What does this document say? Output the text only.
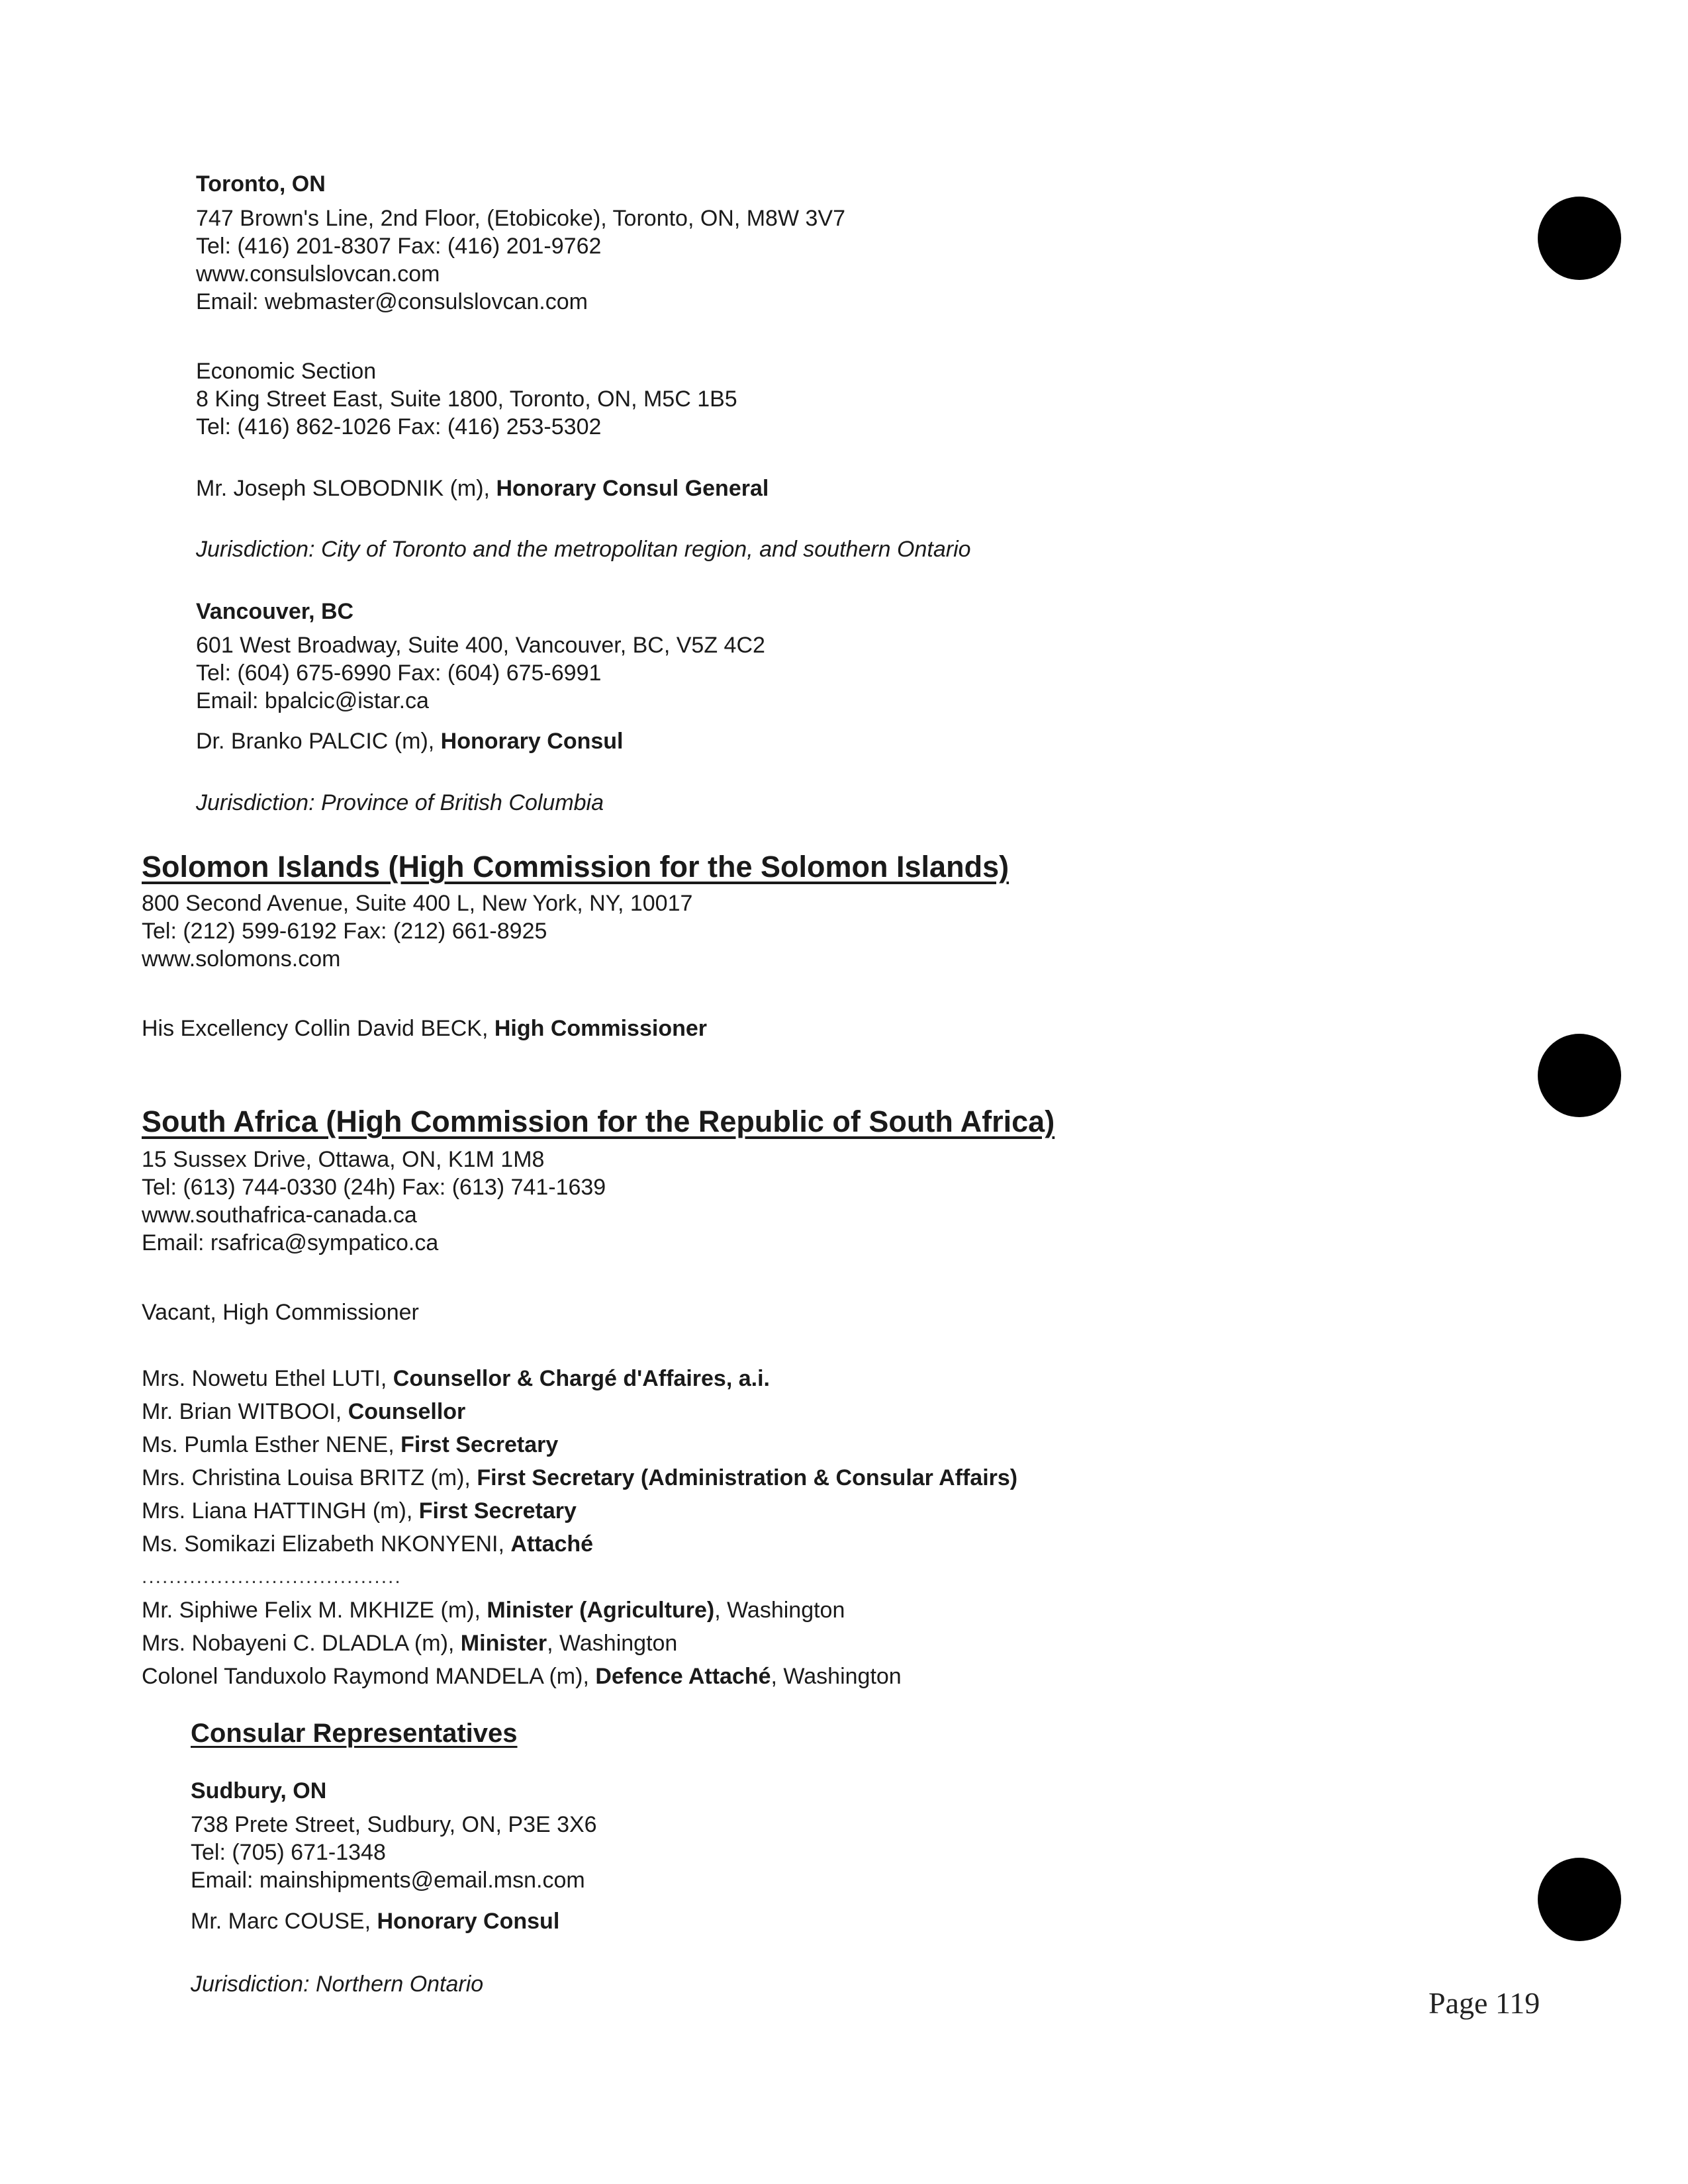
Toronto, ON
747 Brown's Line, 2nd Floor, (Etobicoke), Toronto, ON, M8W 3V7
Tel: (416) 201-8307 Fax: (416) 201-9762
www.consulslovcan.com
Email: webmaster@consulslovcan.com
Economic Section
8 King Street East, Suite 1800, Toronto, ON, M5C 1B5
Tel: (416) 862-1026 Fax: (416) 253-5302
Mr. Joseph SLOBODNIK (m), Honorary Consul General
Jurisdiction: City of Toronto and the metropolitan region, and southern Ontario
Vancouver, BC
601 West Broadway, Suite 400, Vancouver, BC, V5Z 4C2
Tel: (604) 675-6990 Fax: (604) 675-6991
Email: bpalcic@istar.ca
Dr. Branko PALCIC (m), Honorary Consul
Jurisdiction: Province of British Columbia
Solomon Islands (High Commission for the Solomon Islands)
800 Second Avenue, Suite 400 L, New York, NY, 10017
Tel: (212) 599-6192 Fax: (212) 661-8925
www.solomons.com
His Excellency Collin David BECK, High Commissioner
South Africa (High Commission for the Republic of South Africa)
15 Sussex Drive, Ottawa, ON, K1M 1M8
Tel: (613) 744-0330 (24h) Fax: (613) 741-1639
www.southafrica-canada.ca
Email: rsafrica@sympatico.ca
Vacant, High Commissioner
Mrs. Nowetu Ethel LUTI, Counsellor & Chargé d'Affaires, a.i.
Mr. Brian WITBOOI, Counsellor
Ms. Pumla Esther NENE, First Secretary
Mrs. Christina Louisa BRITZ (m), First Secretary (Administration & Consular Affairs)
Mrs. Liana HATTINGH (m), First Secretary
Ms. Somikazi Elizabeth NKONYENI, Attaché
......................................
Mr. Siphiwe Felix M. MKHIZE (m), Minister (Agriculture), Washington
Mrs. Nobayeni C. DLADLA (m), Minister, Washington
Colonel Tanduxolo Raymond MANDELA (m), Defence Attaché, Washington
Consular Representatives
Sudbury, ON
738 Prete Street, Sudbury, ON, P3E 3X6
Tel: (705) 671-1348
Email: mainshipments@email.msn.com
Mr. Marc COUSE, Honorary Consul
Jurisdiction: Northern Ontario
Page 119
